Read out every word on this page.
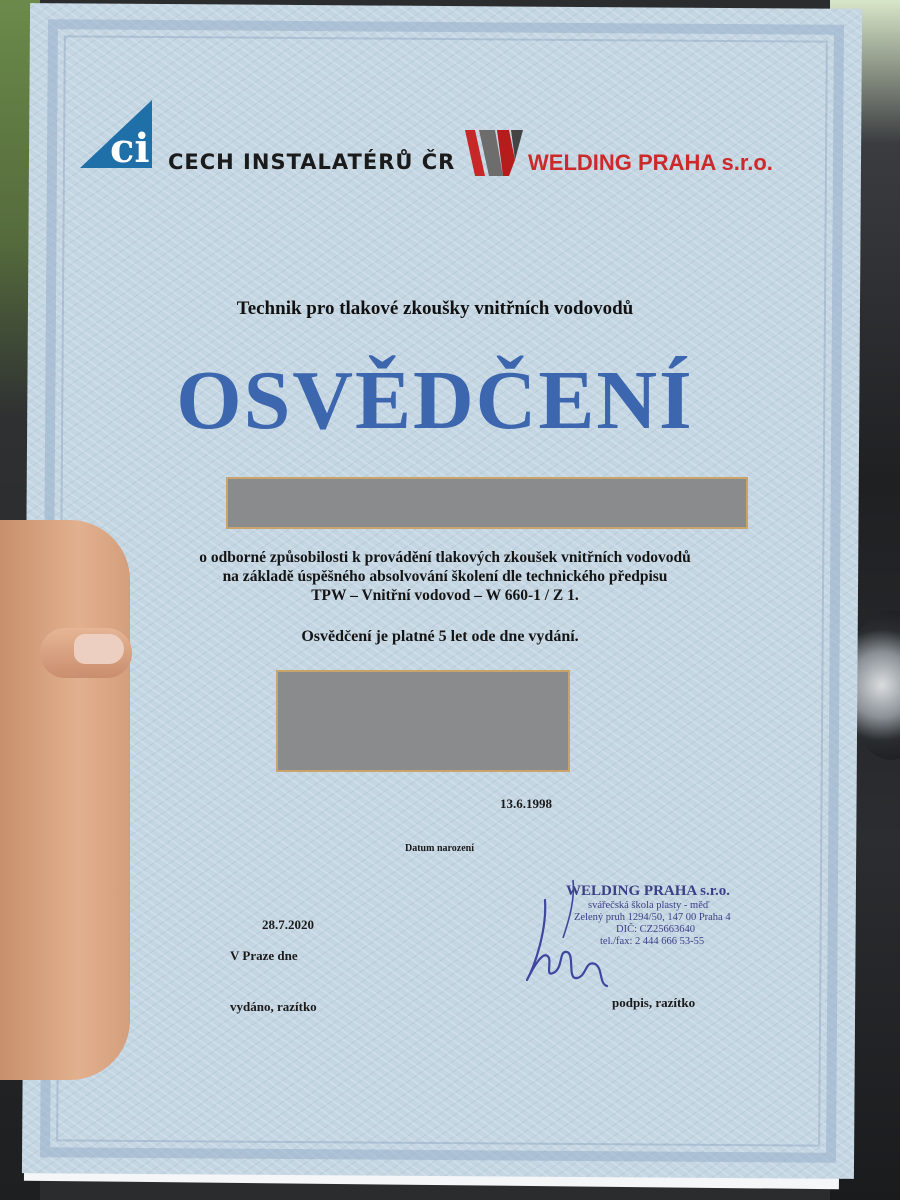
ci CECH INSTALATÉRŮ ČR	WELDING PRAHA s.r.o.
Technik pro tlakové zkoušky vnitřních vodovodů
OSVĚDČENÍ
o odborné způsobilosti k provádění tlakových zkoušek vnitřních vodovodů
na základě úspěšného absolvování školení dle technického předpisu
TPW – Vnitřní vodovod – W 660-1 / Z 1.
Osvědčení je platné 5 let ode dne vydání.
13.6.1998
Datum narození
28.7.2020
V Praze dne
vydáno, razítko
WELDING PRAHA s.r.o.
svářečská škola plasty - měď
Zelený pruh 1294/50, 147 00 Praha 4
DIČ: CZ25663640
tel./fax: 2 444 666 53-55
podpis, razítko
